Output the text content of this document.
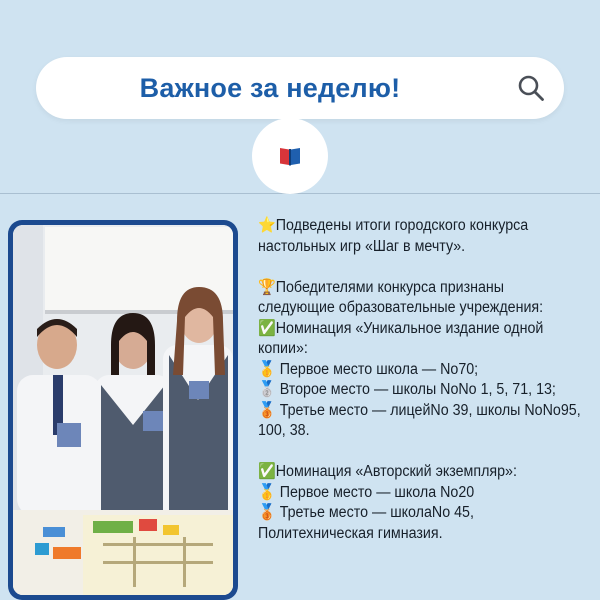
Важное за неделю!
⭐Подведены итоги городского конкурса
настольных игр «Шаг в мечту».
🏆Победителями конкурса признаны
следующие образовательные учреждения:
✅Номинация «Уникальное издание одной
копии»:
🥇 Первое место школа — No70;
🥈 Второе место — школы NoNo 1, 5, 71, 13;
🥉 Третье место — лицейNo 39, школы NoNo95,
100, 38.
✅Номинация «Авторский экземпляр»:
🥇 Первое место — школа No20
🥉 Третье место — школаNo 45,
Политехническая гимназия.
